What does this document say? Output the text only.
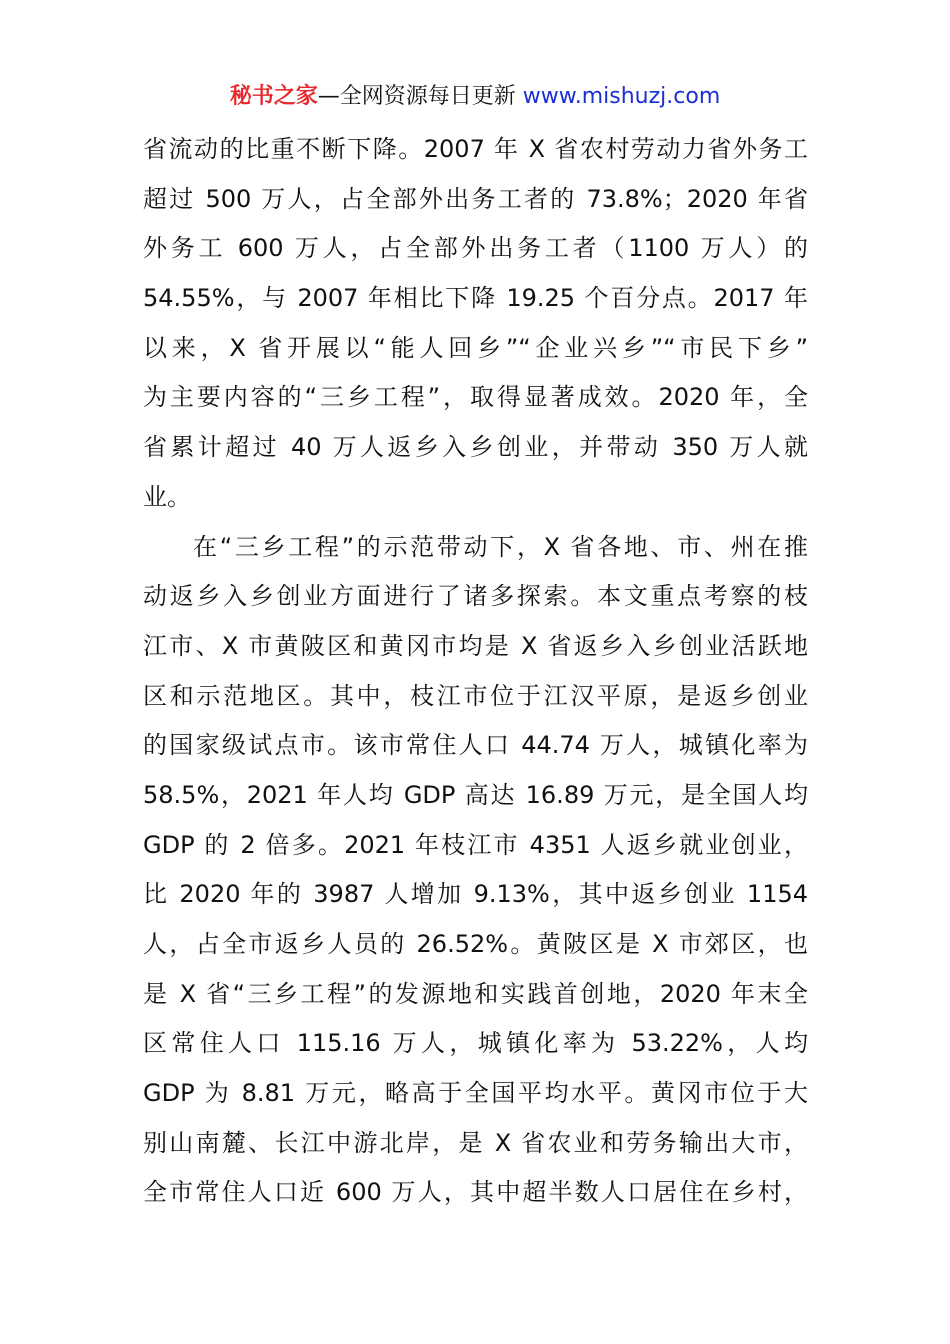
秘书之家—全网资源每日更新 www.mishuzj.com
省流动的比重不断下降。2007 年 X 省农村劳动力省外务工
超过 500 万人，占全部外出务工者的 73.8%；2020 年省
外务工 600 万人，占全部外出务工者（1100 万人）的
54.55%，与 2007 年相比下降 19.25 个百分点。2017 年
以来，X 省开展以“能人回乡”“企业兴乡”“市民下乡”
为主要内容的“三乡工程”，取得显著成效。2020 年，全
省累计超过 40 万人返乡入乡创业，并带动 350 万人就
业。
在“三乡工程”的示范带动下，X 省各地、市、州在推
动返乡入乡创业方面进行了诸多探索。本文重点考察的枝
江市、X 市黄陂区和黄冈市均是 X 省返乡入乡创业活跃地
区和示范地区。其中，枝江市位于江汉平原，是返乡创业
的国家级试点市。该市常住人口 44.74 万人，城镇化率为
58.5%，2021 年人均 GDP 高达 16.89 万元，是全国人均
GDP 的 2 倍多。2021 年枝江市 4351 人返乡就业创业，
比 2020 年的 3987 人增加 9.13%，其中返乡创业 1154
人，占全市返乡人员的 26.52%。黄陂区是 X 市郊区，也
是 X 省“三乡工程”的发源地和实践首创地，2020 年末全
区常住人口 115.16 万人，城镇化率为 53.22%，人均
GDP 为 8.81 万元，略高于全国平均水平。黄冈市位于大
别山南麓、长江中游北岸，是 X 省农业和劳务输出大市，
全市常住人口近 600 万人，其中超半数人口居住在乡村，
